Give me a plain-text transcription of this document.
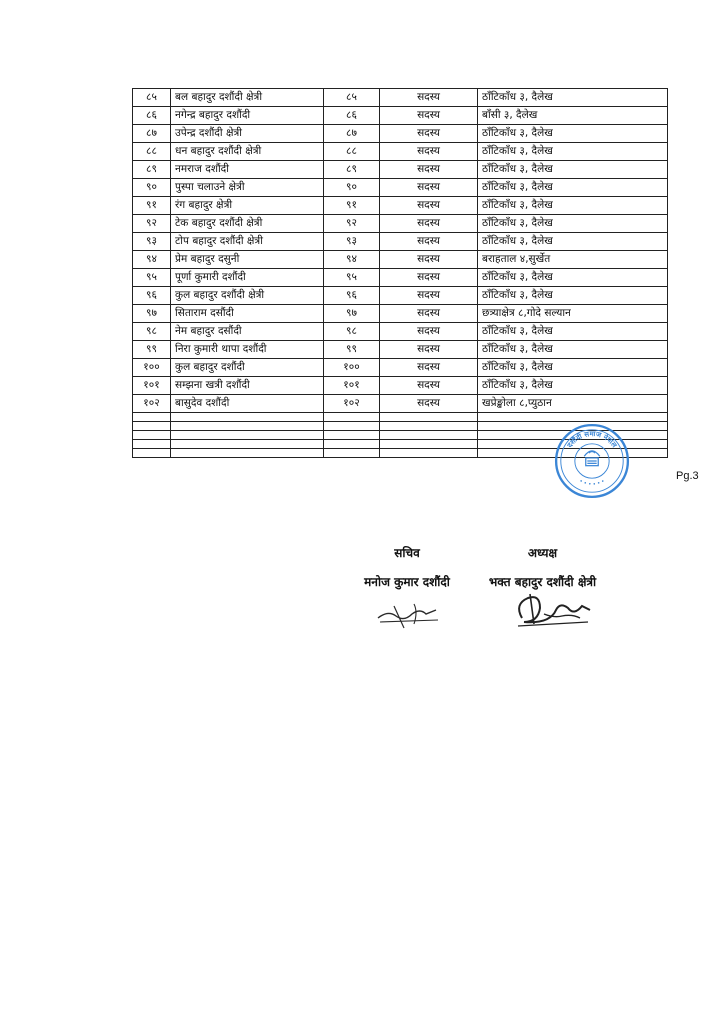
८५	बल बहादुर दशौंदी क्षेत्री	८५	सदस्य	ठाँटिकाँध ३, दैलेख
८६	नगेन्द्र बहादुर दशौंदी	८६	सदस्य	बाँसी ३, दैलेख
८७	उपेन्द्र दशौंदी क्षेत्री	८७	सदस्य	ठाँटिकाँध ३, दैलेख
८८	धन बहादुर दशौंदी क्षेत्री	८८	सदस्य	ठाँटिकाँध ३, दैलेख
८९	नमराज दशौंदी	८९	सदस्य	ठाँटिकाँध ३, दैलेख
९०	पुस्पा चलाउने क्षेत्री	९०	सदस्य	ठाँटिकाँध ३, दैलेख
९१	रंग बहादुर क्षेत्री	९१	सदस्य	ठाँटिकाँध ३, दैलेख
९२	टेक बहादुर दशौंदी क्षेत्री	९२	सदस्य	ठाँटिकाँध ३, दैलेख
९३	टोप बहादुर दशौंदी क्षेत्री	९३	सदस्य	ठाँटिकाँध ३, दैलेख
९४	प्रेम बहादुर दसुनी	९४	सदस्य	बराहताल ४,सुर्खेत
९५	पूर्णा कुमारी दशौंदी	९५	सदस्य	ठाँटिकाँध ३, दैलेख
९६	कुल बहादुर दशौंदी क्षेत्री	९६	सदस्य	ठाँटिकाँध ३, दैलेख
९७	सिताराम दसौंदी	९७	सदस्य	छत्र्याक्षेत्र ८,गोदे सल्यान
९८	नेम बहादुर दसौंदी	९८	सदस्य	ठाँटिकाँध ३, दैलेख
९९	निरा कुमारी थापा दशौंदी	९९	सदस्य	ठाँटिकाँध ३, दैलेख
१००	कुल बहादुर दशौंदी	१००	सदस्य	ठाँटिकाँध ३, दैलेख
१०१	सम्झना खत्री दशौंदी	१०१	सदस्य	ठाँटिकाँध ३, दैलेख
१०२	बासुदेव दशौंदी	१०२	सदस्य	खप्रेङ्खोला ८,प्युठान

Pg.3
दशौंदी समाज नेपाल
• • • • • •
सचिव
मनोज कुमार दशौंदी
अध्यक्ष
भक्त बहादुर दशौंदी क्षेत्री
